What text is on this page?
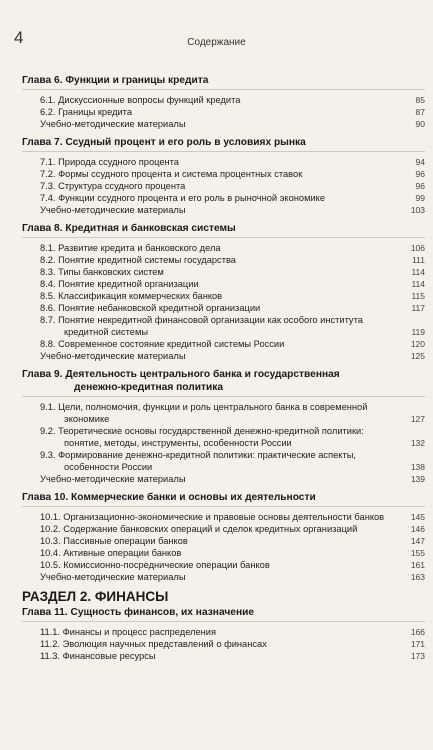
4	Содержание
Глава 6. Функции и границы кредита
6.1. Дискуссионные вопросы функций кредита	85
6.2. Границы кредита	87
Учебно-методические материалы	90
Глава 7. Ссудный процент и его роль в условиях рынка
7.1. Природа ссудного процента	94
7.2. Формы ссудного процента и система процентных ставок	96
7.3. Структура ссудного процента	96
7.4. Функции ссудного процента и его роль в рыночной экономике	99
Учебно-методические материалы	103
Глава 8. Кредитная и банковская системы
8.1. Развитие кредита и банковского дела	106
8.2. Понятие кредитной системы государства	111
8.3. Типы банковских систем	114
8.4. Понятие кредитной организации	114
8.5. Классификация коммерческих банков	115
8.6. Понятие небанковской кредитной организации	117
8.7. Понятие некредитной финансовой организации как особого института
кредитной системы	119
8.8. Современное состояние кредитной системы России	120
Учебно-методические материалы	125
Глава 9. Деятельность центрального банка и государственная
денежно-кредитная политика
9.1. Цели, полномочия, функции и роль центрального банка в современной
экономике	127
9.2. Теоретические основы государственной денежно-кредитной политики:
понятие, методы, инструменты, особенности России	132
9.3. Формирование денежно-кредитной политики: практические аспекты,
особенности России	138
Учебно-методические материалы	139
Глава 10. Коммерческие банки и основы их деятельности
10.1. Организационно-экономические и правовые основы деятельности банков	145
10.2. Содержание банковских операций и сделок кредитных организаций	146
10.3. Пассивные операции банков	147
10.4. Активные операции банков	155
10.5. Комиссионно-посреднические операции банков	161
Учебно-методические материалы	163
РАЗДЕЛ 2. ФИНАНСЫ
Глава 11. Сущность финансов, их назначение
11.1. Финансы и процесс распределения	166
11.2. Эволюция научных представлений о финансах	171
11.3. Финансовые ресурсы	173
